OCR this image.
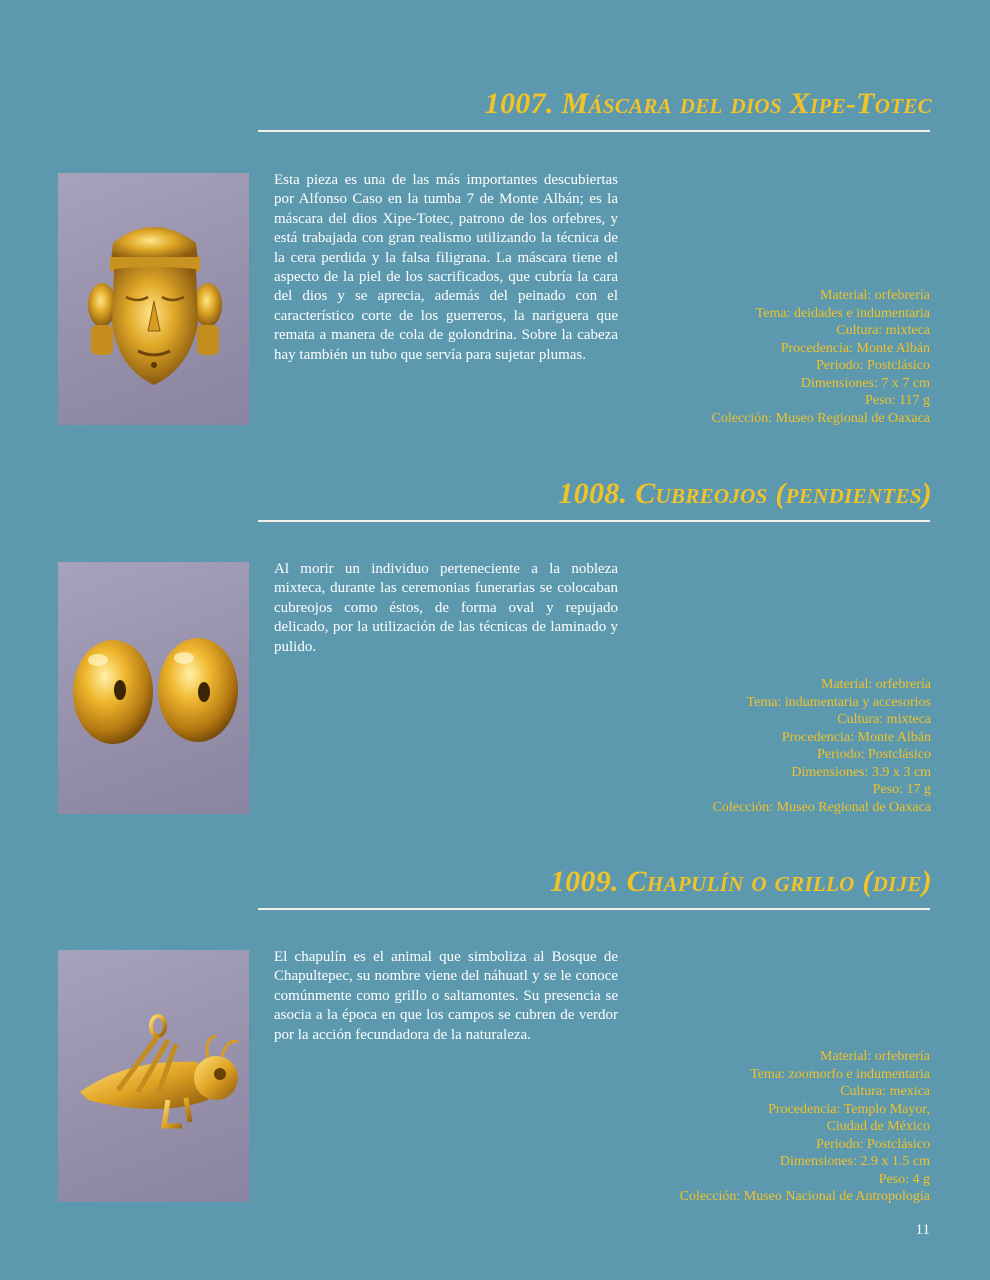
1007. Máscara del dios Xipe-Totec

Esta pieza es una de las más importantes descubiertas por Alfonso Caso en la tumba 7 de Monte Albán; es la máscara del dios Xipe-Totec, patrono de los orfebres, y está trabajada con gran realismo utilizando la técnica de la cera perdida y la falsa filigrana. La máscara tiene el aspecto de la piel de los sacrificados, que cubría la cara del dios y se aprecia, además del peinado con el característico corte de los guerreros, la nariguera que remata a manera de cola de golondrina. Sobre la cabeza hay también un tubo que servía para sujetar plumas.

Material: orfebrería
Tema: deidades e indumentaria
Cultura: mixteca
Procedencia: Monte Albán
Periodo: Postclásico
Dimensiones: 7 x 7 cm
Peso: 117 g
Colección: Museo Regional de Oaxaca
1008. Cubreojos (pendientes)

Al morir un individuo perteneciente a la nobleza mixteca, durante las ceremonias funerarias se colocaban cubreojos como éstos, de forma oval y repujado delicado, por la utilización de las técnicas de laminado y pulido.

Material: orfebrería
Tema: indumentaria y accesorios
Cultura: mixteca
Procedencia: Monte Albán
Periodo: Postclásico
Dimensiones: 3.9 x 3 cm
Peso: 17 g
Colección: Museo Regional de Oaxaca
1009. Chapulín o grillo (dije)

El chapulín es el animal que simboliza al Bosque de Chapultepec, su nombre viene del náhuatl y se le conoce comúnmente como grillo o saltamontes. Su presencia se asocia a la época en que los campos se cubren de verdor por la acción fecundadora de la naturaleza.

Material: orfebrería
Tema: zoomorfo e indumentaria
Cultura: mexica
Procedencia: Templo Mayor,
Ciudad de México
Periodo: Postclásico
Dimensiones: 2.9 x 1.5 cm
Peso: 4 g
Colección: Museo Nacional de Antropología
11
